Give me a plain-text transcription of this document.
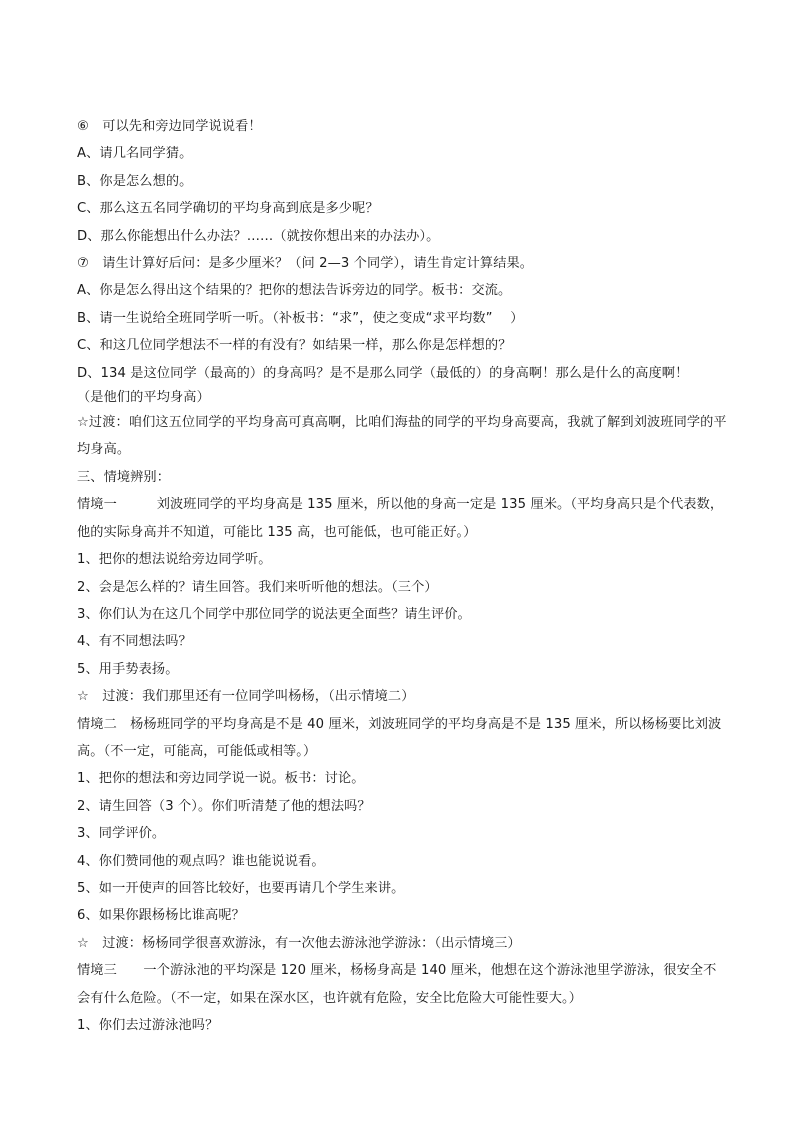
⑥　可以先和旁边同学说说看！
A、请几名同学猜。
B、你是怎么想的。
C、那么这五名同学确切的平均身高到底是多少呢？
D、那么你能想出什么办法？……（就按你想出来的办法办）。
⑦　请生计算好后问：是多少厘米？（问 2—3 个同学），请生肯定计算结果。
A、你是怎么得出这个结果的？把你的想法告诉旁边的同学。板书：交流。
B、请一生说给全班同学听一听。（补板书：“求”，使之变成“求平均数”　 ）
C、和这几位同学想法不一样的有没有？如结果一样，那么你是怎样想的？
D、134 是这位同学（最高的）的身高吗？是不是那么同学（最低的）的身高啊！那么是什么的高度啊！
（是他们的平均身高）
☆过渡：咱们这五位同学的平均身高可真高啊，比咱们海盐的同学的平均身高要高，我就了解到刘波班同学的平均身高。
三、情境辨别：
情境一　　　刘波班同学的平均身高是 135 厘米，所以他的身高一定是 135 厘米。（平均身高只是个代表数，他的实际身高并不知道，可能比 135 高，也可能低，也可能正好。）
1、把你的想法说给旁边同学听。
2、会是怎么样的？请生回答。我们来听听他的想法。（三个）
3、你们认为在这几个同学中那位同学的说法更全面些？请生评价。
4、有不同想法吗？
5、用手势表扬。
☆　过渡：我们那里还有一位同学叫杨杨，（出示情境二）
情境二　杨杨班同学的平均身高是不是 40 厘米，刘波班同学的平均身高是不是 135 厘米，所以杨杨要比刘波高。（不一定，可能高，可能低或相等。）
1、把你的想法和旁边同学说一说。板书：讨论。
2、请生回答（3 个）。你们听清楚了他的想法吗？
3、同学评价。
4、你们赞同他的观点吗？谁也能说说看。
5、如一开使声的回答比较好，也要再请几个学生来讲。
6、如果你跟杨杨比谁高呢？
☆　过渡：杨杨同学很喜欢游泳，有一次他去游泳池学游泳：（出示情境三）
情境三　　一个游泳池的平均深是 120 厘米，杨杨身高是 140 厘米，他想在这个游泳池里学游泳，很安全不会有什么危险。（不一定，如果在深水区，也许就有危险，安全比危险大可能性要大。）
1、你们去过游泳池吗？
